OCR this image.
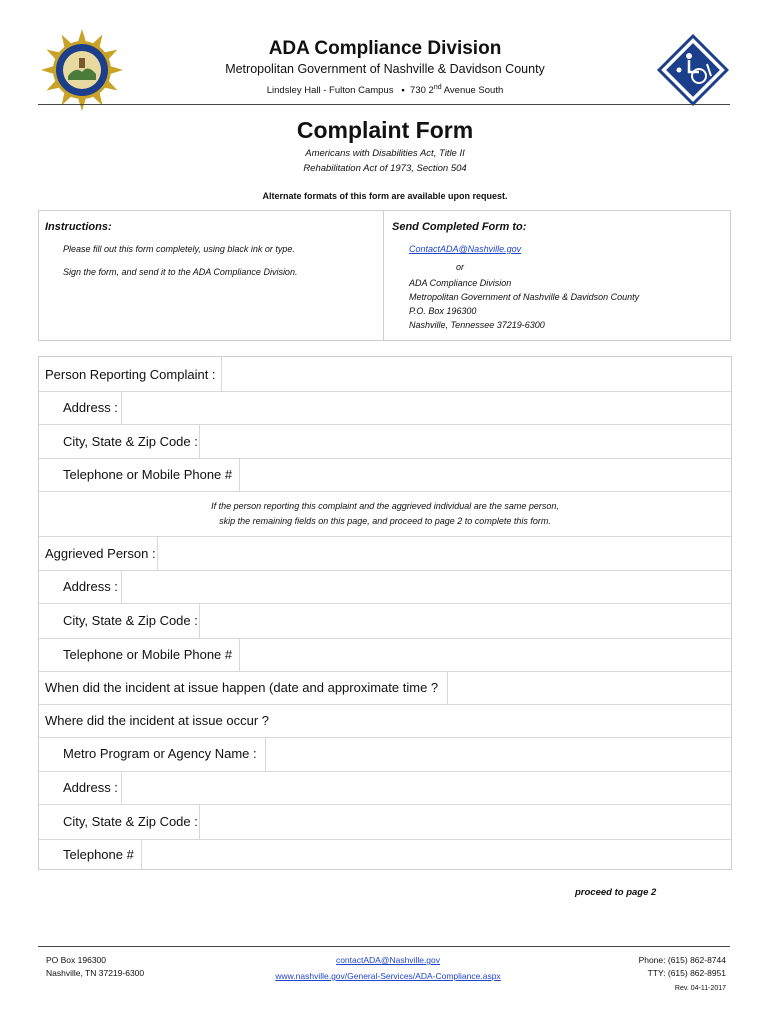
ADA Compliance Division
Metropolitan Government of Nashville & Davidson County
Lindsley Hall - Fulton Campus ▪ 730 2nd Avenue South
Complaint Form
Americans with Disabilities Act, Title II
Rehabilitation Act of 1973, Section 504
Alternate formats of this form are available upon request.
Instructions:
Please fill out this form completely, using black ink or type.
Sign the form, and send it to the ADA Compliance Division.
Send Completed Form to:
ContactADA@Nashville.gov
or
ADA Compliance Division
Metropolitan Government of Nashville & Davidson County
P.O. Box 196300
Nashville, Tennessee 37219-6300
Person Reporting Complaint :
Address :
City, State & Zip Code :
Telephone or Mobile Phone #
If the person reporting this complaint and the aggrieved individual are the same person,
skip the remaining fields on this page, and proceed to page 2 to complete this form.
Aggrieved Person :
Address :
City, State & Zip Code :
Telephone or Mobile Phone #
When did the incident at issue happen (date and approximate time ?
Where did the incident at issue occur ?
Metro Program or Agency Name :
Address :
City, State & Zip Code :
Telephone #
proceed to page 2
PO Box 196300
Nashville, TN 37219-6300
contactADA@Nashville.gov
www.nashville.gov/General-Services/ADA-Compliance.aspx
Phone: (615) 862-8744
TTY: (615) 862-8951
Rev. 04-11-2017
